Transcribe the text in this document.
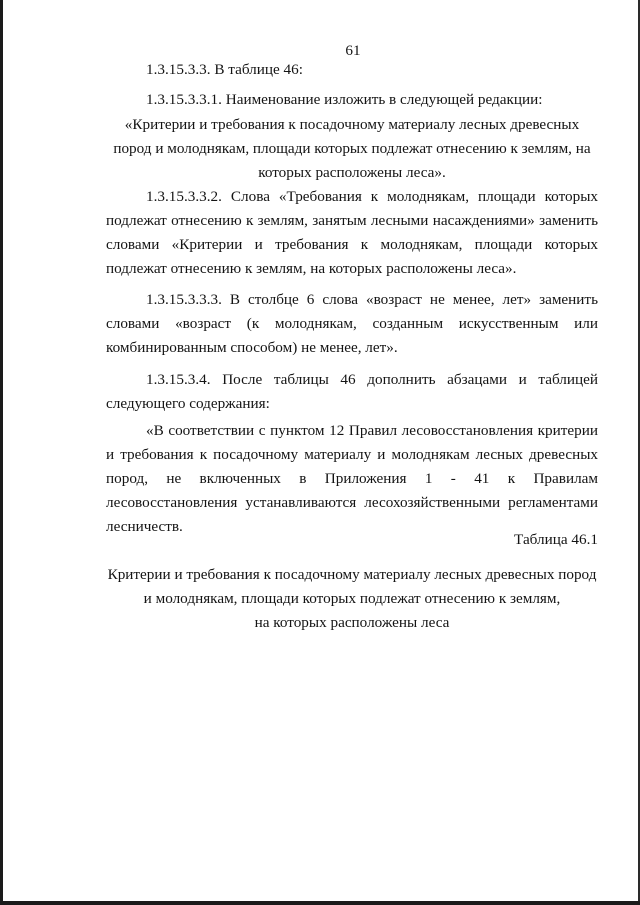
61

1.3.15.3.3. В таблице 46:

1.3.15.3.3.1. Наименование изложить в следующей редакции:

«Критерии и требования к посадочному материалу лесных древесных пород и молоднякам, площади которых подлежат отнесению к землям, на которых расположены леса».

1.3.15.3.3.2. Слова «Требования к молоднякам, площади которых подлежат отнесению к землям, занятым лесными насаждениями» заменить словами «Критерии и требования к молоднякам, площади которых подлежат отнесению к землям, на которых расположены леса».

1.3.15.3.3.3. В столбце 6 слова «возраст не менее, лет» заменить словами «возраст (к молоднякам, созданным искусственным или комбинированным способом) не менее, лет».

1.3.15.3.4. После таблицы 46 дополнить абзацами и таблицей следующего содержания:

«В соответствии с пунктом 12 Правил лесовосстановления критерии и требования к посадочному материалу и молоднякам лесных древесных пород, не включенных в Приложения 1 - 41 к Правилам лесовосстановления устанавливаются лесохозяйственными регламентами лесничеств.

Таблица 46.1

Критерии и требования к посадочному материалу лесных древесных пород

и молоднякам, площади которых подлежат отнесению к землям,

на которых расположены леса
